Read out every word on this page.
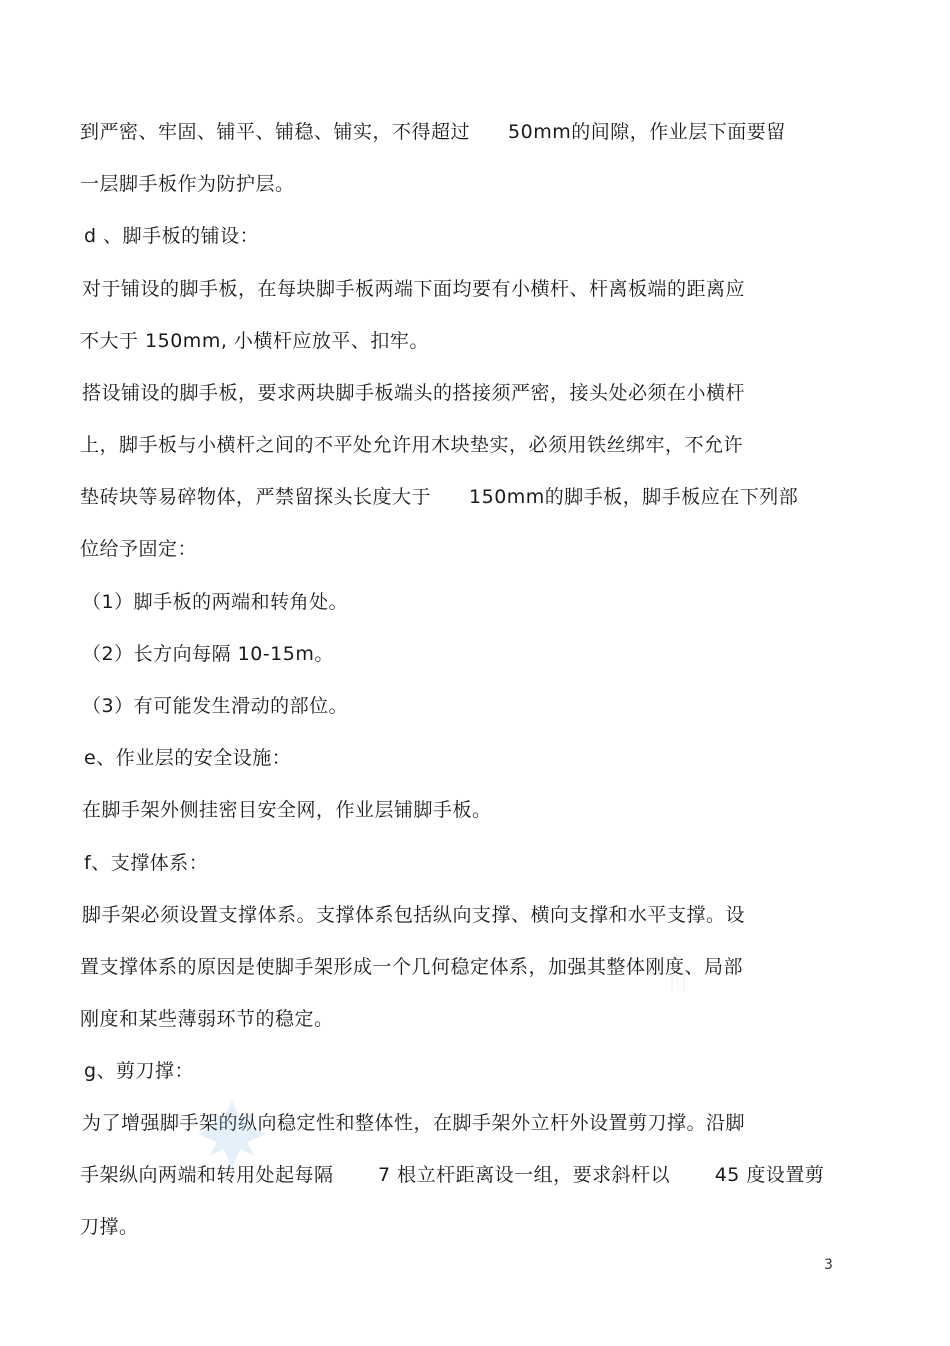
到严密、牢固、铺平、铺稳、铺实，不得超过 50mm的间隙，作业层下面要留
一层脚手板作为防护层。
d 、脚手板的铺设：
对于铺设的脚手板，在每块脚手板两端下面均要有小横杆、杆离板端的距离应
不大于 150mm, 小横杆应放平、扣牢。
搭设铺设的脚手板，要求两块脚手板端头的搭接须严密，接头处必须在小横杆
上，脚手板与小横杆之间的不平处允许用木块垫实，必须用铁丝绑牢，不允许
垫砖块等易碎物体，严禁留探头长度大于 150mm的脚手板，脚手板应在下列部
位给予固定：
（1）脚手板的两端和转角处。
（2）长方向每隔 10-15m。
（3）有可能发生滑动的部位。
e、作业层的安全设施：
在脚手架外侧挂密目安全网，作业层铺脚手板。
f、支撑体系：
脚手架必须设置支撑体系。支撑体系包括纵向支撑、横向支撑和水平支撑。设
置支撑体系的原因是使脚手架形成一个几何稳定体系，加强其整体刚度、局部
刚度和某些薄弱环节的稳定。
g、剪刀撑：
为了增强脚手架的纵向稳定性和整体性，在脚手架外立杆外设置剪刀撑。沿脚
手架纵向两端和转用处起每隔 7 根立杆距离设一组，要求斜杆以 45 度设置剪
刀撑。
3
